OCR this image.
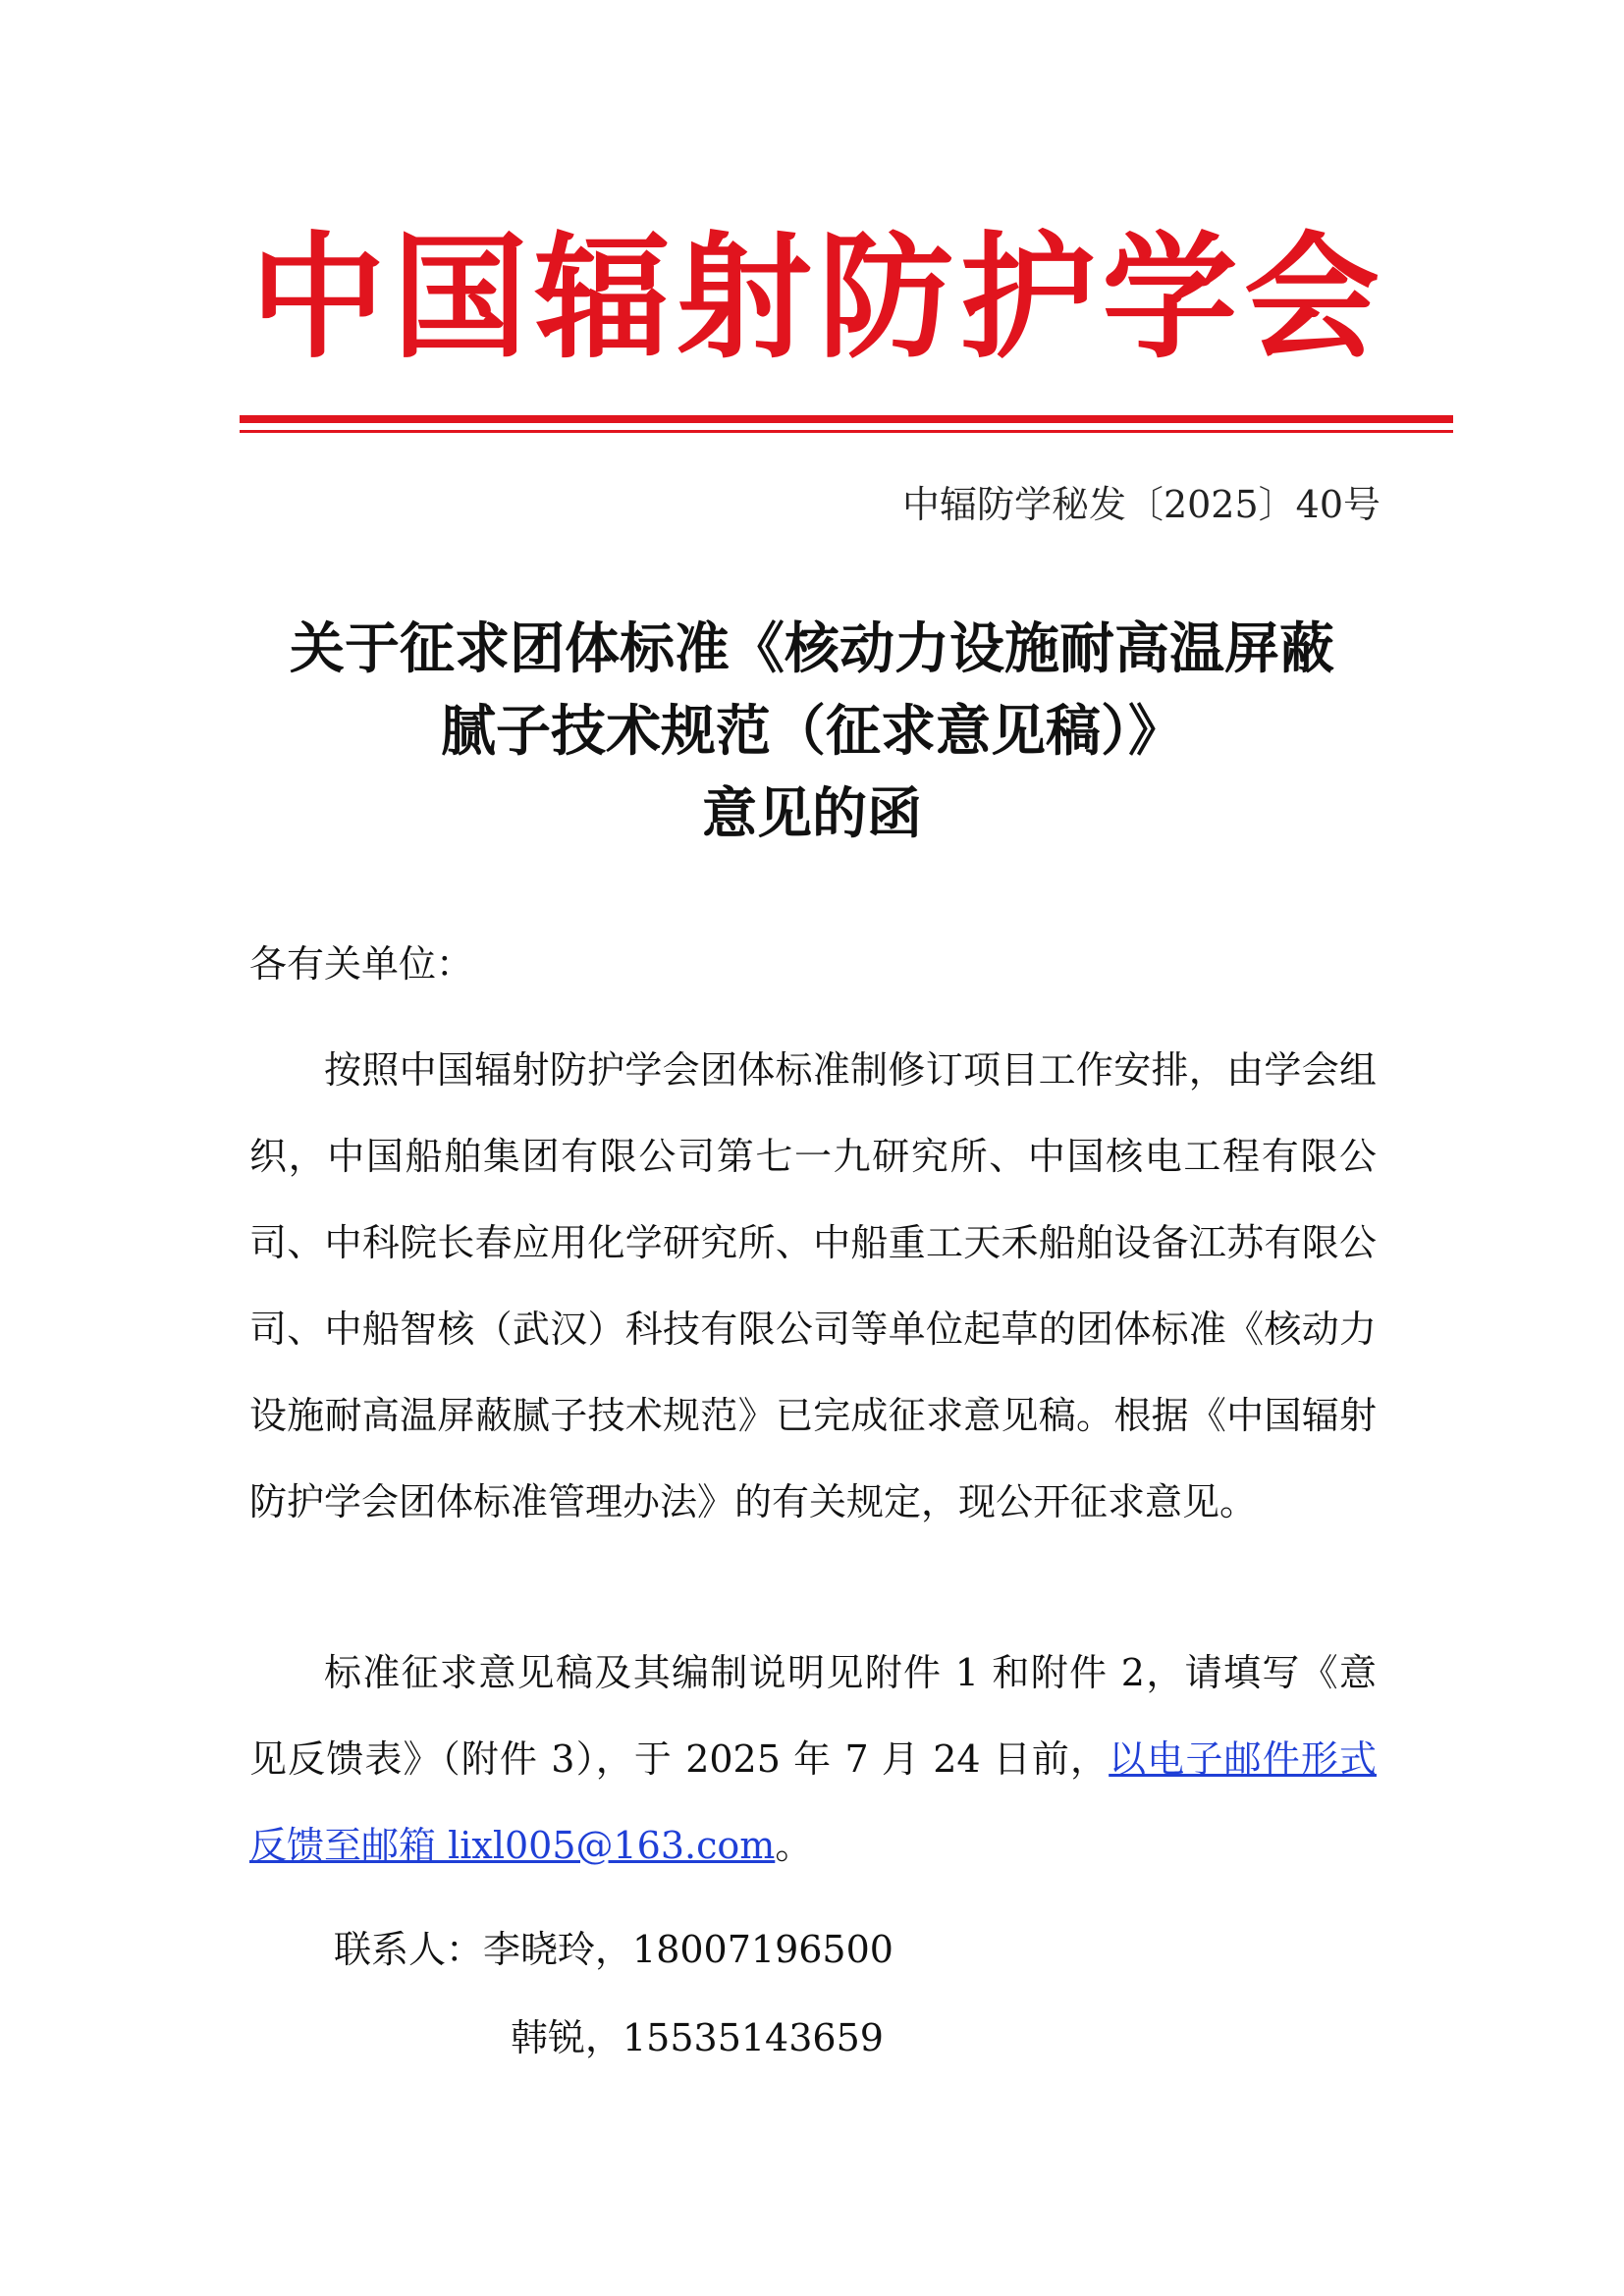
中 国 辐 射 防 护 学 会

中辐防学秘发〔2025〕40号

关于征求团体标准《核动力设施耐高温屏蔽
腻子技术规范（征求意见稿）》
意见的函

各有关单位：

按照中国辐射防护学会团体标准制修订项目工作安排，由学会组织，中国船舶集团有限公司第七一九研究所、中国核电工程有限公司、中科院长春应用化学研究所、中船重工天禾船舶设备江苏有限公司、中船智核（武汉）科技有限公司等单位起草的团体标准《核动力设施耐高温屏蔽腻子技术规范》已完成征求意见稿。根据《中国辐射防护学会团体标准管理办法》的有关规定，现公开征求意见。

标准征求意见稿及其编制说明见附件 1 和附件 2，请填写《意见反馈表》（附件 3），于 2025 年 7 月 24 日前，以电子邮件形式反馈至邮箱 lixl005@163.com。

联系人：李晓玲，18007196500

韩锐，15535143659
